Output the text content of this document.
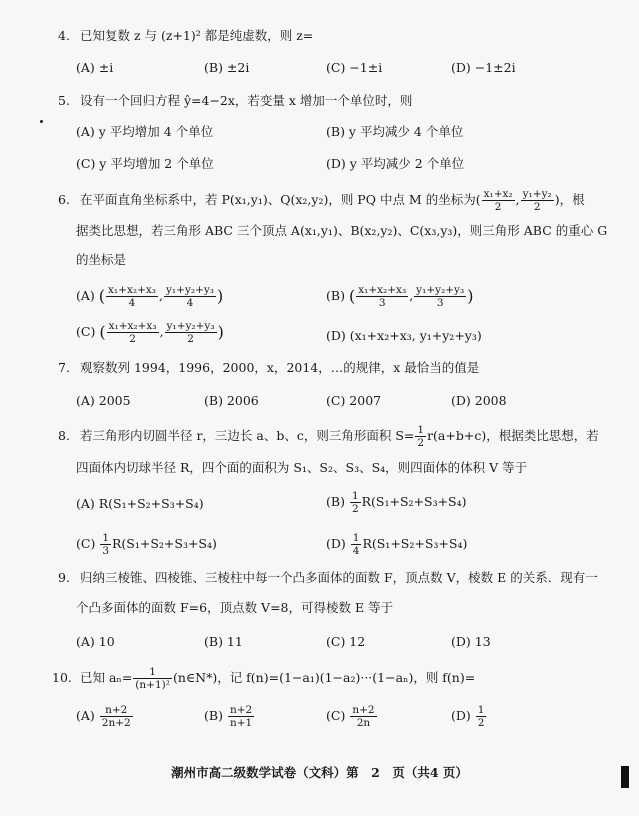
4. 已知复数 z 与 (z+1)² 都是纯虚数，则 z=
(A) ±i	(B) ±2i	(C) −1±i	(D) −1±2i
5. 设有一个回归方程 ŷ=4−2x，若变量 x 增加一个单位时，则
(A) y 平均增加 4 个单位	(B) y 平均减少 4 个单位
(C) y 平均增加 2 个单位	(D) y 平均减少 2 个单位
6. 在平面直角坐标系中，若 P(x₁,y₁)、Q(x₂,y₂)，则 PQ 中点 M 的坐标为( $\frac{\text{x₁+x₂}}{2}$ , $\frac{\text{y₁+y₂}}{2}$ )，根
据类比思想，若三角形 ABC 三个顶点 A(x₁,y₁)、B(x₂,y₂)、C(x₃,y₃)，则三角形 ABC 的重心 G
的坐标是
(A) ( $\frac{\text{x₁+x₂+x₃}}{4}$ , $\frac{\text{y₁+y₂+y₃}}{4}$ )	(B) ( $\frac{\text{x₁+x₂+x₃}}{3}$ , $\frac{\text{y₁+y₂+y₃}}{3}$ )
(C) ( $\frac{\text{x₁+x₂+x₃}}{2}$ , $\frac{\text{y₁+y₂+y₃}}{2}$ )	(D) (x₁+x₂+x₃, y₁+y₂+y₃)
7. 观察数列 1994，1996，2000，x，2014，…的规律，x 最恰当的值是
(A) 2005	(B) 2006	(C) 2007	(D) 2008
8. 若三角形内切圆半径 r，三边长 a、b、c，则三角形面积 $S= \frac{1}{2} r(a+b+c)$，根据类比思想，若
四面体内切球半径 R，四个面的面积为 S₁、S₂、S₃、S₄，则四面体的体积 V 等于
(A) R(S₁+S₂+S₃+S₄)	$(B) \frac{1}{2} R(S_1+S_2+S_3+S_4)$
$(C) \frac{1}{3} R(S_1+S_2+S_3+S_4)$	$(D) \frac{1}{4} R(S_1+S_2+S_3+S_4)$
9. 归纳三棱锥、四棱锥、三棱柱中每一个凸多面体的面数 F，顶点数 V，棱数 E 的关系．现有一
个凸多面体的面数 F=6，顶点数 V=8，可得棱数 E 等于
(A) 10	(B) 11	(C) 12	(D) 13
10. 已知 $a_n= \frac{1}{\text{(n+1)²}}$ (n∈N*)，记 f(n)=(1−a₁)(1−a₂)···(1−aₙ)，则 f(n)=
$(A) \frac{n+2}{2n+2}$	$(B) \frac{n+2}{n+1}$	$(C) \frac{n+2}{2n}$	$(D) \frac{1}{2}$
潮州市高二级数学试卷（文科）第　2　页（共4 页）
